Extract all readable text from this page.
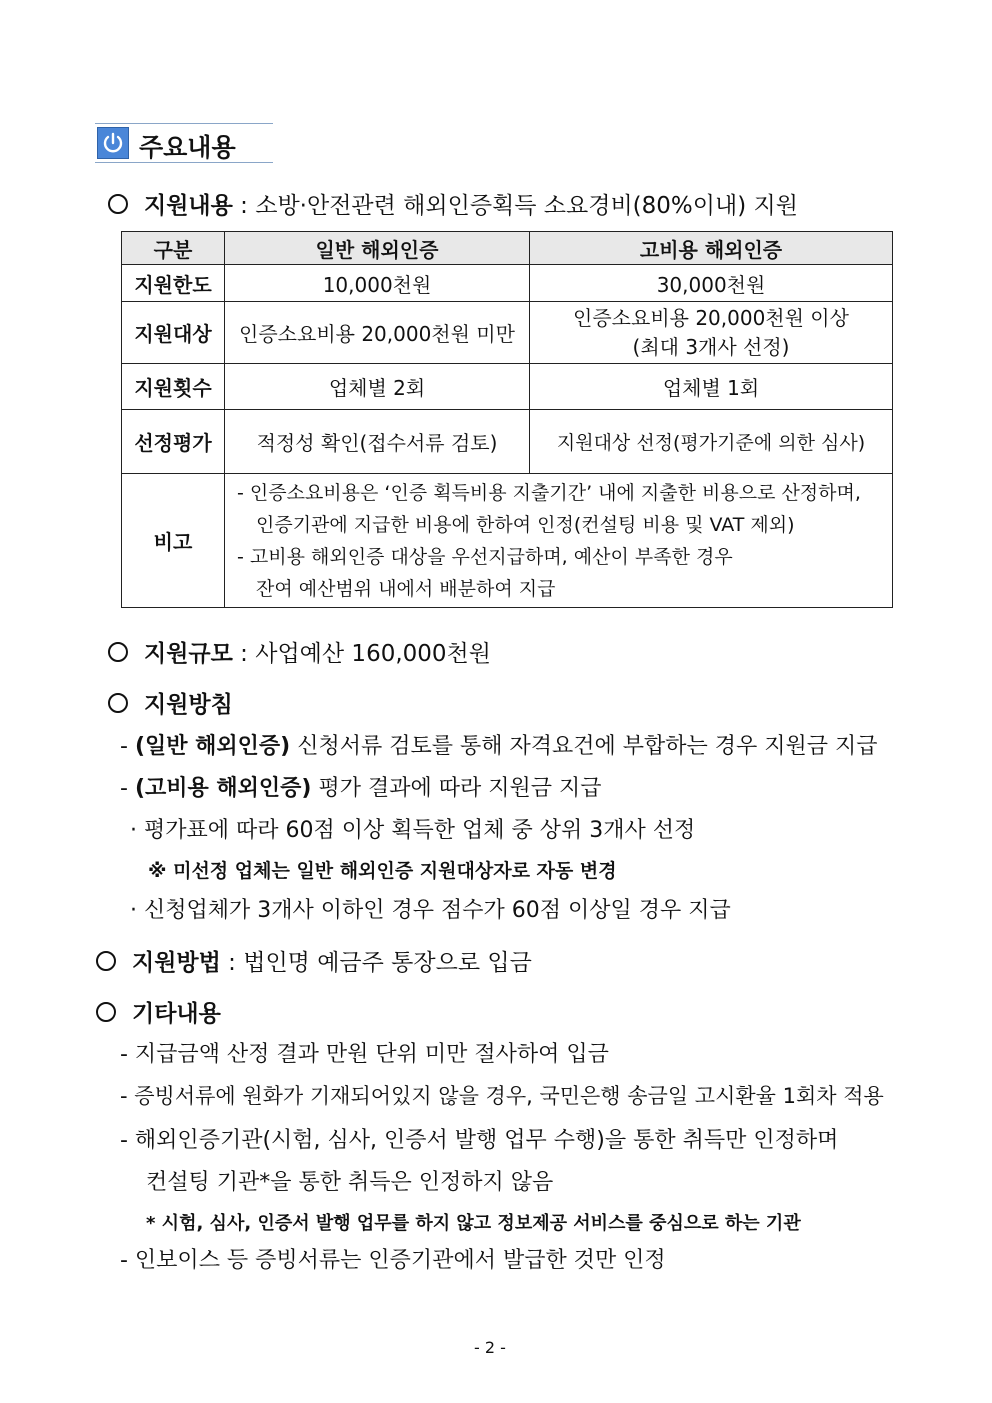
주요내용
지원내용 : 소방·안전관련 해외인증획득 소요경비(80%이내) 지원
구분	일반 해외인증	고비용 해외인증
지원한도	10,000천원	30,000천원
지원대상	인증소요비용 20,000천원 미만	인증소요비용 20,000천원 이상
(최대 3개사 선정)

지원횟수	업체별 2회	업체별 1회
선정평가	적정성 확인(접수서류 검토)	지원대상 선정(평가기준에 의한 심사)
비고	- 인증소요비용은 ‘인증 획득비용 지출기간’ 내에 지출한 비용으로 산정하며,
인증기관에 지급한 비용에 한하여 인정(컨설팅 비용 및 VAT 제외)
- 고비용 해외인증 대상을 우선지급하며, 예산이 부족한 경우
잔여 예산범위 내에서 배분하여 지급	
지원규모 : 사업예산 160,000천원
지원방침
- (일반 해외인증) 신청서류 검토를 통해 자격요건에 부합하는 경우 지원금 지급
- (고비용 해외인증) 평가 결과에 따라 지원금 지급
· 평가표에 따라 60점 이상 획득한 업체 중 상위 3개사 선정
※ 미선정 업체는 일반 해외인증 지원대상자로 자동 변경
· 신청업체가 3개사 이하인 경우 점수가 60점 이상일 경우 지급
지원방법 : 법인명 예금주 통장으로 입금
기타내용
- 지급금액 산정 결과 만원 단위 미만 절사하여 입금
- 증빙서류에 원화가 기재되어있지 않을 경우, 국민은행 송금일 고시환율 1회차 적용
- 해외인증기관(시험, 심사, 인증서 발행 업무 수행)을 통한 취득만 인정하며
컨설팅 기관*을 통한 취득은 인정하지 않음
* 시험, 심사, 인증서 발행 업무를 하지 않고 정보제공 서비스를 중심으로 하는 기관
- 인보이스 등 증빙서류는 인증기관에서 발급한 것만 인정
- 2 -
